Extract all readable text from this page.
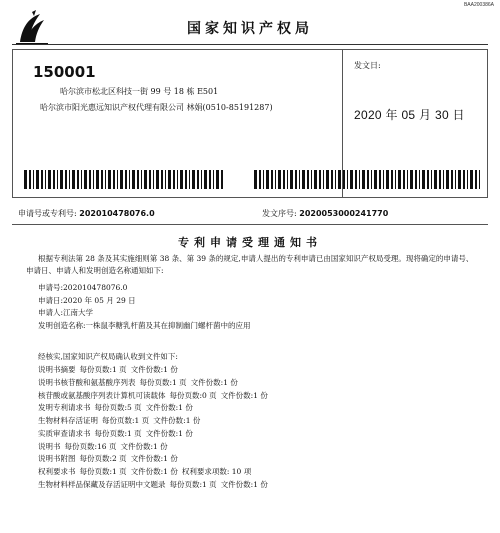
BAA200386A
国家知识产权局
150001
哈尔滨市松北区科技一街 99 号 18 栋 E501
哈尔滨市阳光惠远知识产权代理有限公司 林娟(0510-85191287)
发文日:
2020 年 05 月 30 日
申请号或专利号: 202010478076.0	发文序号: 2020053000241770
专利申请受理通知书
根据专利法第 28 条及其实施细则第 38 条、第 39 条的规定,申请人提出的专利申请已由国家知识产权局受理。现将确定的申请号、申请日、申请人和发明创造名称通知如下:
申请号:202010478076.0
申请日:2020 年 05 月 29 日
申请人:江南大学
发明创造名称:一株鼠李糖乳杆菌及其在抑制幽门螺杆菌中的应用
经核实,国家知识产权局确认收到文件如下:
说明书摘要 每份页数:1 页 文件份数:1 份
说明书核苷酸和氨基酸序列表 每份页数:1 页 文件份数:1 份
核苷酸或氨基酸序列表计算机可读载体 每份页数:0 页 文件份数:1 份
发明专利请求书 每份页数:5 页 文件份数:1 份
生物材料存活证明 每份页数:1 页 文件份数:1 份
实质审查请求书 每份页数:1 页 文件份数:1 份
说明书 每份页数:16 页 文件份数:1 份
说明书附图 每份页数:2 页 文件份数:1 份
权利要求书 每份页数:1 页 文件份数:1 份 权利要求项数: 10 项
生物材料样品保藏及存活证明中文题录 每份页数:1 页 文件份数:1 份
